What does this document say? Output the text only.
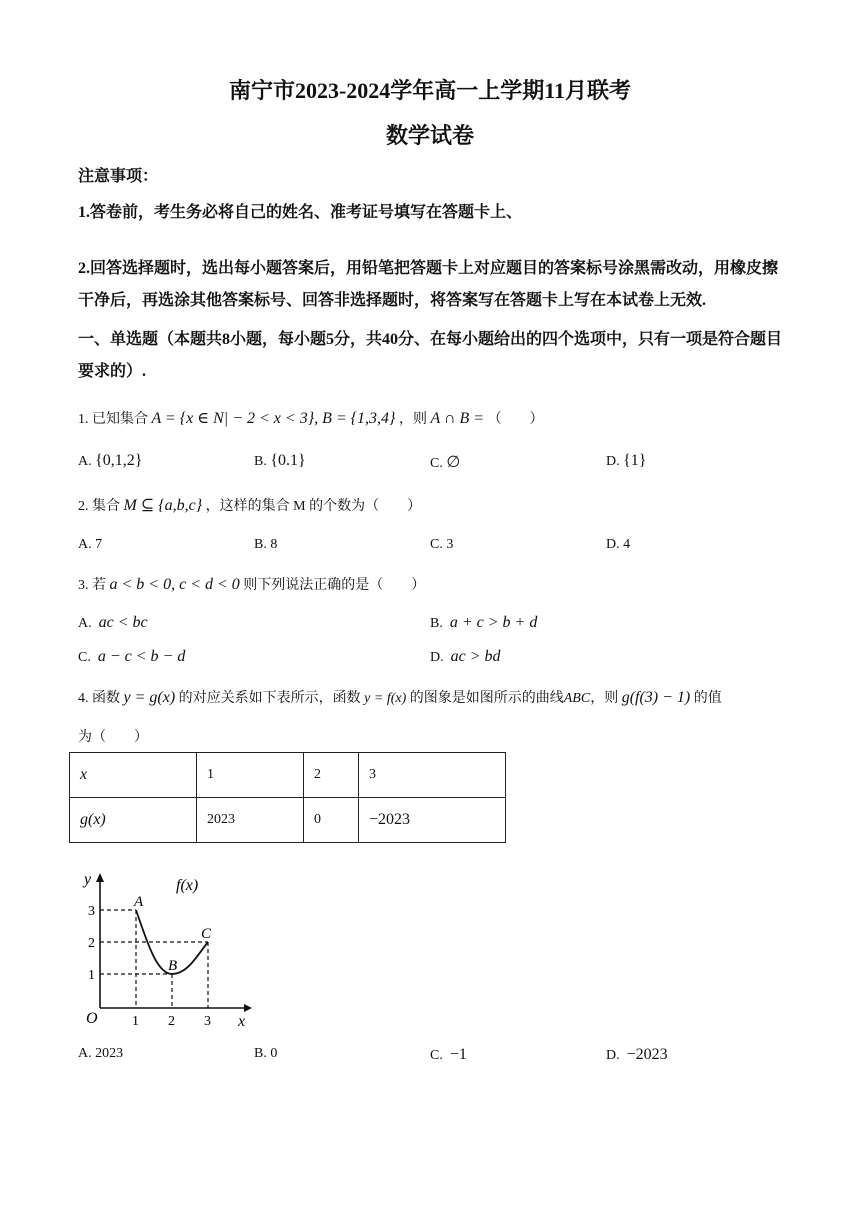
南宁市2023-2024学年高一上学期11月联考
数学试卷
注意事项：
1.答卷前，考生务必将自己的姓名、准考证号填写在答题卡上、
2.回答选择题时，选出每小题答案后，用铅笔把答题卡上对应题目的答案标号涂黑需改动，用橡皮擦干净后，再选涂其他答案标号、回答非选择题时，将答案写在答题卡上写在本试卷上无效.
一、单选题（本题共8小题，每小题5分，共40分、在每小题给出的四个选项中，只有一项是符合题目要求的）.
1. 已知集合 A = {x ∈ N| − 2 < x < 3}, B = {1,3,4} ，则 A ∩ B = （　　）
A. {0,1,2}	B. {0.1}	C. ∅	D. {1}
2. 集合 M ⊆ {a,b,c} ，这样的集合 M 的个数为（　　）
A. 7	B. 8	C. 3	D. 4
3. 若 a < b < 0, c < d < 0 则下列说法正确的是（　　）
A.  ac < bc	B.  a + c > b + d
C.  a − c < b − d	D.  ac > bd
4. 函数 y = g(x) 的对应关系如下表所示，函数 y = f(x) 的图象是如图所示的曲线ABC，则 g(f(3) − 1) 的值
为（　　）
x	1	2	3
g(x)	2023	0	−2023
y
x
O
f(x)
1 2 3
1
2
3
A
B
C
A. 2023	B. 0	C.  −1	D.  −2023
